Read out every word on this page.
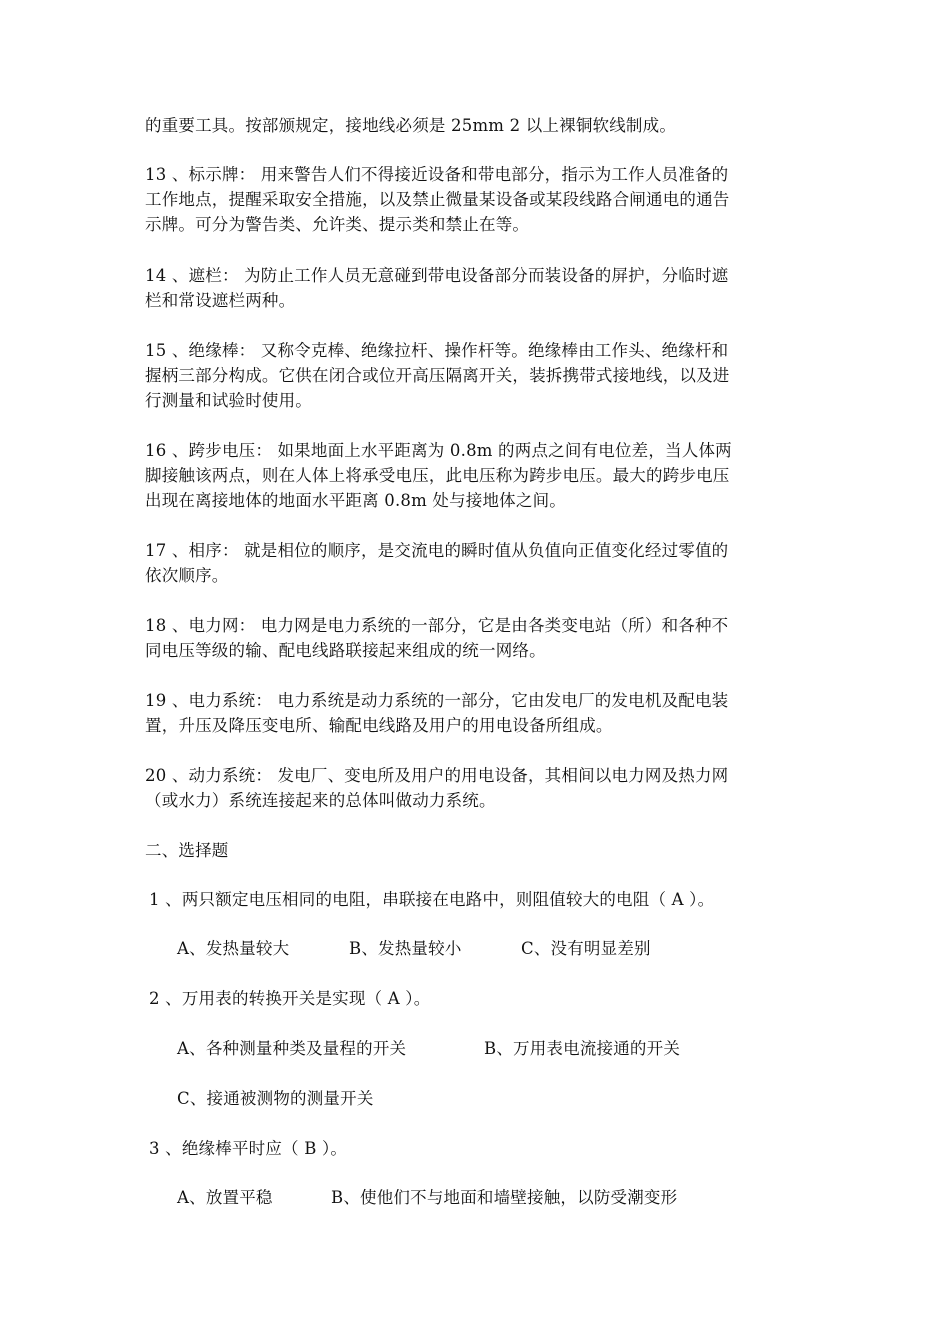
的重要工具。按部颁规定，接地线必须是 25mm 2 以上裸铜软线制成。
13 、标示牌： 用来警告人们不得接近设备和带电部分，指示为工作人员准备的
工作地点，提醒采取安全措施，以及禁止微量某设备或某段线路合闸通电的通告
示牌。可分为警告类、允许类、提示类和禁止在等。
14 、遮栏： 为防止工作人员无意碰到带电设备部分而装设备的屏护，分临时遮
栏和常设遮栏两种。
15 、绝缘棒： 又称令克棒、绝缘拉杆、操作杆等。绝缘棒由工作头、绝缘杆和
握柄三部分构成。它供在闭合或位开高压隔离开关，装拆携带式接地线，以及进
行测量和试验时使用。
16 、跨步电压： 如果地面上水平距离为 0.8m 的两点之间有电位差，当人体两
脚接触该两点，则在人体上将承受电压，此电压称为跨步电压。最大的跨步电压
出现在离接地体的地面水平距离 0.8m 处与接地体之间。
17 、相序： 就是相位的顺序，是交流电的瞬时值从负值向正值变化经过零值的
依次顺序。
18 、电力网： 电力网是电力系统的一部分，它是由各类变电站（所）和各种不
同电压等级的输、配电线路联接起来组成的统一网络。
19 、电力系统： 电力系统是动力系统的一部分，它由发电厂的发电机及配电装
置，升压及降压变电所、输配电线路及用户的用电设备所组成。
20 、动力系统： 发电厂、变电所及用户的用电设备，其相间以电力网及热力网
（或水力）系统连接起来的总体叫做动力系统。
二、选择题
1 、两只额定电压相同的电阻，串联接在电路中，则阻值较大的电阻（ A ）。
A、发热量较大	B、发热量较小	C、没有明显差别
2 、万用表的转换开关是实现（ A ）。
A、各种测量种类及量程的开关	B、万用表电流接通的开关
C、接通被测物的测量开关
3 、绝缘棒平时应（ B ）。
A、放置平稳	B、使他们不与地面和墙壁接触，以防受潮变形
